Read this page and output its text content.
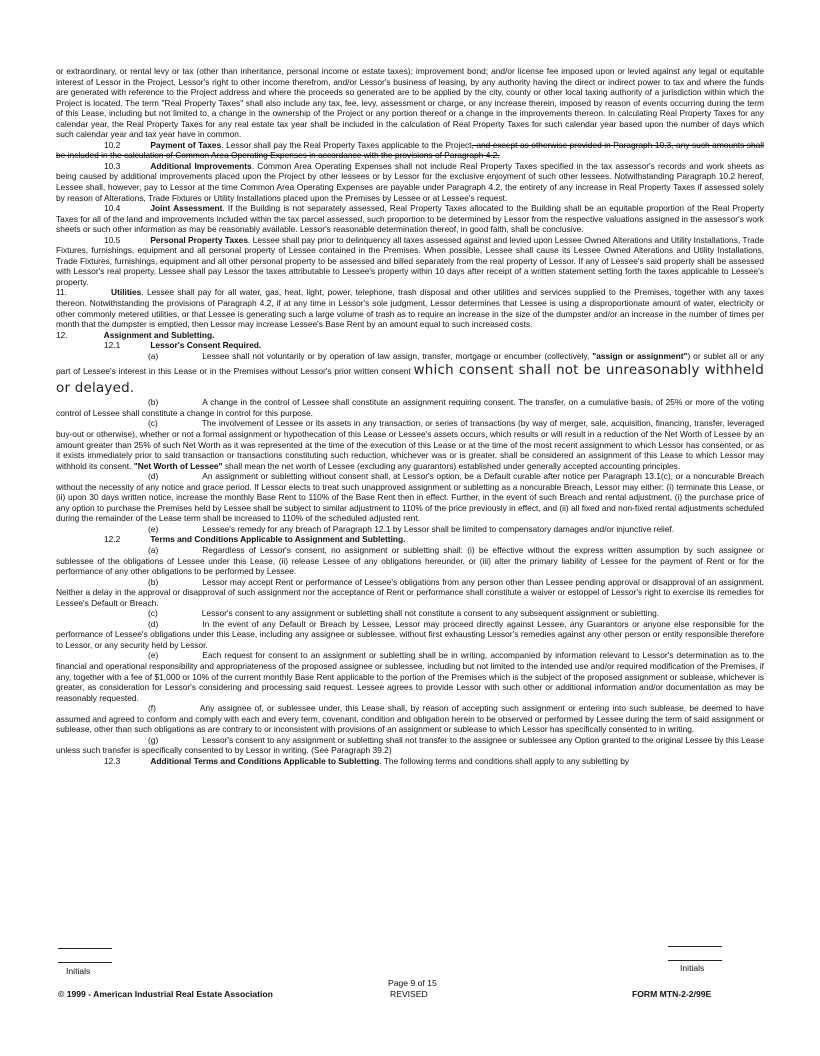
or extraordinary, or rental levy or tax (other than inheritance, personal income or estate taxes); improvement bond; and/or license fee imposed upon or levied against any legal or equitable interest of Lessor in the Project, Lessor's right to other income therefrom, and/or Lessor's business of leasing, by any authority having the direct or indirect power to tax and where the funds are generated with reference to the Project address and where the proceeds so generated are to be applied by the city, county or other local taxing authority of a jurisdiction within which the Project is located. The term "Real Property Taxes" shall also include any tax, fee, levy, assessment or charge, or any increase therein, imposed by reason of events occurring during the term of this Lease, including but not limited to, a change in the ownership of the Project or any portion thereof or a change in the improvements thereon. In calculating Real Property Taxes for any calendar year, the Real Property Taxes for any real estate tax year shall be included in the calculation of Real Property Taxes for such calendar year based upon the number of days which such calendar year and tax year have in common.

10.2	Payment of Taxes. Lessor shall pay the Real Property Taxes applicable to the Project, and except as otherwise provided in Paragraph 10.3, any such amounts shall be included in the calculation of Common Area Operating Expenses in accordance with the provisions of Paragraph 4.2.

10.3	Additional Improvements. Common Area Operating Expenses shall not include Real Property Taxes specified in the tax assessor's records and work sheets as being caused by additional improvements placed upon the Project by other lessees or by Lessor for the exclusive enjoyment of such other lessees. Notwithstanding Paragraph 10.2 hereof, Lessee shall, however, pay to Lessor at the time Common Area Operating Expenses are payable under Paragraph 4.2, the entirety of any increase in Real Property Taxes if assessed solely by reason of Alterations, Trade Fixtures or Utility Installations placed upon the Premises by Lessee or at Lessee's request.

10.4	Joint Assessment. If the Building is not separately assessed, Real Property Taxes allocated to the Building shall be an equitable proportion of the Real Property Taxes for all of the land and improvements included within the tax parcel assessed, such proportion to be determined by Lessor from the respective valuations assigned in the assessor's work sheets or such other information as may be reasonably available. Lessor's reasonable determination thereof, in good faith, shall be conclusive.

10.5	Personal Property Taxes. Lessee shall pay prior to delinquency all taxes assessed against and levied upon Lessee Owned Alterations and Utility Installations, Trade Fixtures, furnishings, equipment and all personal property of Lessee contained in the Premises. When possible, Lessee shall cause its Lessee Owned Alterations and Utility Installations, Trade Fixtures, furnishings, equipment and all other personal property to be assessed and billed separately from the real property of Lessor. If any of Lessee's said property shall be assessed with Lessor's real property, Lessee shall pay Lessor the taxes attributable to Lessee's property within 10 days after receipt of a written statement setting forth the taxes applicable to Lessee's property.

11.	Utilities. Lessee shall pay for all water, gas, heat, light, power, telephone, trash disposal and other utilities and services supplied to the Premises, together with any taxes thereon. Notwithstanding the provisions of Paragraph 4.2, if at any time in Lessor's sole judgment, Lessor determines that Lessee is using a disproportionate amount of water, electricity or other commonly metered utilities, or that Lessee is generating such a large volume of trash as to require an increase in the size of the dumpster and/or an increase in the number of times per month that the dumpster is emptied, then Lessor may increase Lessee's Base Rent by an amount equal to such increased costs.

12.	Assignment and Subletting.

12.1	Lessor's Consent Required.

(a)	Lessee shall not voluntarily or by operation of law assign, transfer, mortgage or encumber (collectively, "assign or assignment") or sublet all or any part of Lessee's interest in this Lease or in the Premises without Lessor's prior written consent which consent shall not be unreasonably withheld or delayed.

(b)	A change in the control of Lessee shall constitute an assignment requiring consent. The transfer, on a cumulative basis, of 25% or more of the voting control of Lessee shall constitute a change in control for this purpose.

(c)	The involvement of Lessee or its assets in any transaction, or series of transactions (by way of merger, sale, acquisition, financing, transfer, leveraged buy-out or otherwise), whether or not a formal assignment or hypothecation of this Lease or Lessee's assets occurs, which results or will result in a reduction of the Net Worth of Lessee by an amount greater than 25% of such Net Worth as it was represented at the time of the execution of this Lease or at the time of the most recent assignment to which Lessor has consented, or as it exists immediately prior to said transaction or transactions constituting such reduction, whichever was or is greater, shall be considered an assignment of this Lease to which Lessor may withhold its consent. "Net Worth of Lessee" shall mean the net worth of Lessee (excluding any guarantors) established under generally accepted accounting principles.

(d)	An assignment or subletting without consent shall, at Lessor's option, be a Default curable after notice per Paragraph 13.1(c), or a noncurable Breach without the necessity of any notice and grace period. If Lessor elects to treat such unapproved assignment or subletting as a noncurable Breach, Lessor may either: (i) terminate this Lease, or (ii) upon 30 days written notice, increase the monthly Base Rent to 110% of the Base Rent then in effect. Further, in the event of such Breach and rental adjustment, (i) the purchase price of any option to purchase the Premises held by Lessee shall be subject to similar adjustment to 110% of the price previously in effect, and (ii) all fixed and non-fixed rental adjustments scheduled during the remainder of the Lease term shall be increased to 110% of the scheduled adjusted rent.

(e)	Lessee's remedy for any breach of Paragraph 12.1 by Lessor shall be limited to compensatory damages and/or injunctive relief.

12.2	Terms and Conditions Applicable to Assignment and Subletting.

(a)	Regardless of Lessor's consent, no assignment or subletting shall: (i) be effective without the express written assumption by such assignee or sublessee of the obligations of Lessee under this Lease, (ii) release Lessee of any obligations hereunder, or (iii) alter the primary liability of Lessee for the payment of Rent or for the performance of any other obligations to be performed by Lessee.

(b)	Lessor may accept Rent or performance of Lessee's obligations from any person other than Lessee pending approval or disapproval of an assignment. Neither a delay in the approval or disapproval of such assignment nor the acceptance of Rent or performance shall constitute a waiver or estoppel of Lessor's right to exercise its remedies for Lessee's Default or Breach.

(c)	Lessor's consent to any assignment or subletting shall not constitute a consent to any subsequent assignment or subletting.

(d)	In the event of any Default or Breach by Lessee, Lessor may proceed directly against Lessee, any Guarantors or anyone else responsible for the performance of Lessee's obligations under this Lease, including any assignee or sublessee, without first exhausting Lessor's remedies against any other person or entity responsible therefore to Lessor, or any security held by Lessor.

(e)	Each request for consent to an assignment or subletting shall be in writing, accompanied by information relevant to Lessor's determination as to the financial and operational responsibility and appropriateness of the proposed assignee or sublessee, including but not limited to the intended use and/or required modification of the Premises, if any, together with a fee of $1,000 or 10% of the current monthly Base Rent applicable to the portion of the Premises which is the subject of the proposed assignment or sublease, whichever is greater, as consideration for Lessor's considering and processing said request. Lessee agrees to provide Lessor with such other or additional information and/or documentation as may be reasonably requested.

(f)	Any assignee of, or sublessee under, this Lease shall, by reason of accepting such assignment or entering into such sublease, be deemed to have assumed and agreed to conform and comply with each and every term, covenant, condition and obligation herein to be observed or performed by Lessee during the term of said assignment or sublease, other than such obligations as are contrary to or inconsistent with provisions of an assignment or sublease to which Lessor has specifically consented to in writing.

(g)	Lessor's consent to any assignment or subletting shall not transfer to the assignee or sublessee any Option granted to the original Lessee by this Lease unless such transfer is specifically consented to by Lessor in writing. (See Paragraph 39.2)

12.3	Additional Terms and Conditions Applicable to Subletting. The following terms and conditions shall apply to any subletting by

Initials	Initials
© 1999 - American Industrial Real Estate Association
Page 9 of 15
REVISED	FORM MTN-2-2/99E
